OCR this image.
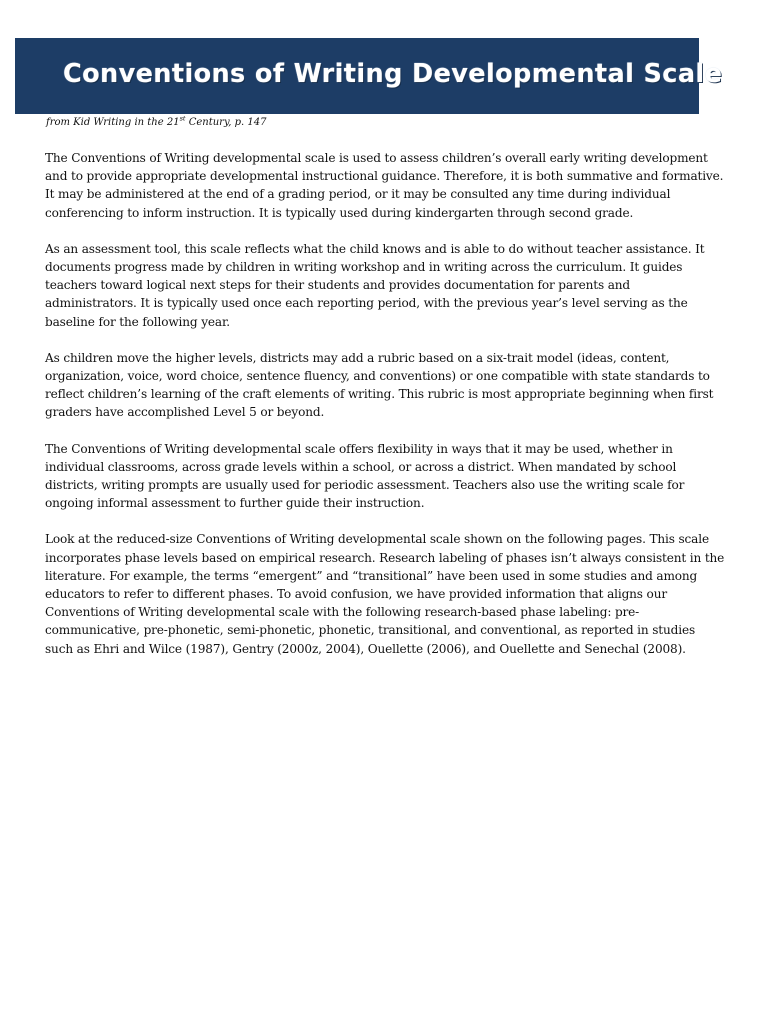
Conventions of Writing Developmental Scale

from Kid Writing in the 21st Century, p. 147

The Conventions of Writing developmental scale is used to assess children’s overall early writing development and to provide appropriate developmental instructional guidance. Therefore, it is both summative and formative. It may be administered at the end of a grading period, or it may be consulted any time during individual conferencing to inform instruction. It is typically used during kindergarten through second grade.

As an assessment tool, this scale reflects what the child knows and is able to do without teacher assistance. It documents progress made by children in writing workshop and in writing across the curriculum. It guides teachers toward logical next steps for their students and provides documentation for parents and administrators. It is typically used once each reporting period, with the previous year’s level serving as the baseline for the following year.

As children move the higher levels, districts may add a rubric based on a six-trait model (ideas, content, organization, voice, word choice, sentence fluency, and conventions) or one compatible with state standards to reflect children’s learning of the craft elements of writing. This rubric is most appropriate beginning when first graders have accomplished Level 5 or beyond.

The Conventions of Writing developmental scale offers flexibility in ways that it may be used, whether in individual classrooms, across grade levels within a school, or across a district. When mandated by school districts, writing prompts are usually used for periodic assessment. Teachers also use the writing scale for ongoing informal assessment to further guide their instruction.

Look at the reduced-size Conventions of Writing developmental scale shown on the following pages. This scale incorporates phase levels based on empirical research. Research labeling of phases isn’t always consistent in the literature. For example, the terms “emergent” and “transitional” have been used in some studies and among educators to refer to different phases. To avoid confusion, we have provided information that aligns our Conventions of Writing developmental scale with the following research-based phase labeling: pre-communicative, pre-phonetic, semi-phonetic, phonetic, transitional, and conventional, as reported in studies such as Ehri and Wilce (1987), Gentry (2000z, 2004), Ouellette (2006), and Ouellette and Senechal (2008).
